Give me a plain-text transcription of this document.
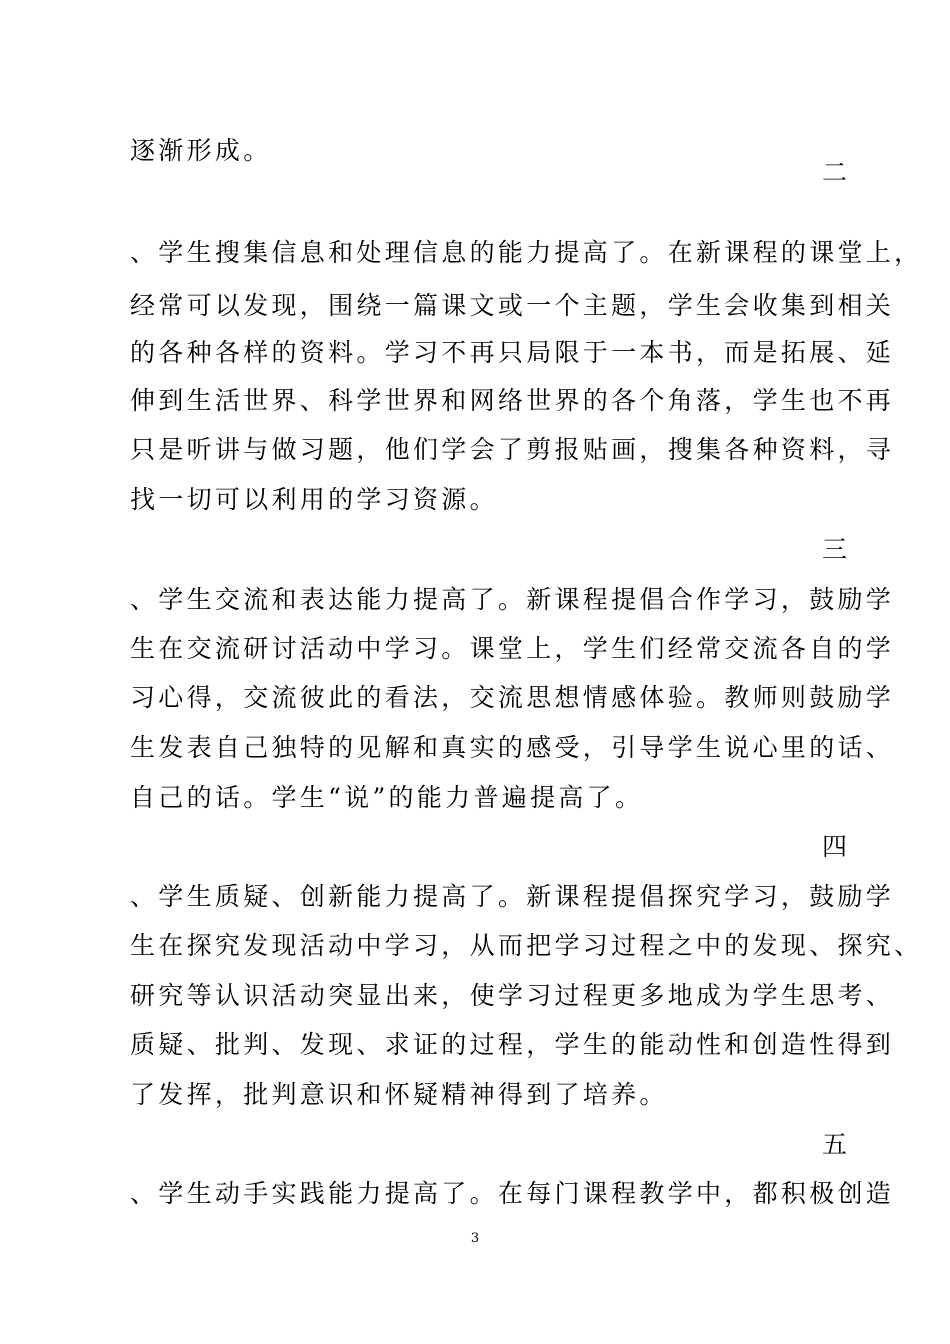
逐渐形成。
二
、学生搜集信息和处理信息的能力提高了。在新课程的课堂上，
经常可以发现，围绕一篇课文或一个主题，学生会收集到相关
的各种各样的资料。学习不再只局限于一本书，而是拓展、延
伸到生活世界、科学世界和网络世界的各个角落，学生也不再
只是听讲与做习题，他们学会了剪报贴画，搜集各种资料，寻
找一切可以利用的学习资源。
三
、学生交流和表达能力提高了。新课程提倡合作学习，鼓励学
生在交流研讨活动中学习。课堂上，学生们经常交流各自的学
习心得，交流彼此的看法，交流思想情感体验。教师则鼓励学
生发表自己独特的见解和真实的感受，引导学生说心里的话、
自己的话。学生“说”的能力普遍提高了。
四
、学生质疑、创新能力提高了。新课程提倡探究学习，鼓励学
生在探究发现活动中学习，从而把学习过程之中的发现、探究、
研究等认识活动突显出来，使学习过程更多地成为学生思考、
质疑、批判、发现、求证的过程，学生的能动性和创造性得到
了发挥，批判意识和怀疑精神得到了培养。
五
、学生动手实践能力提高了。在每门课程教学中，都积极创造
3
